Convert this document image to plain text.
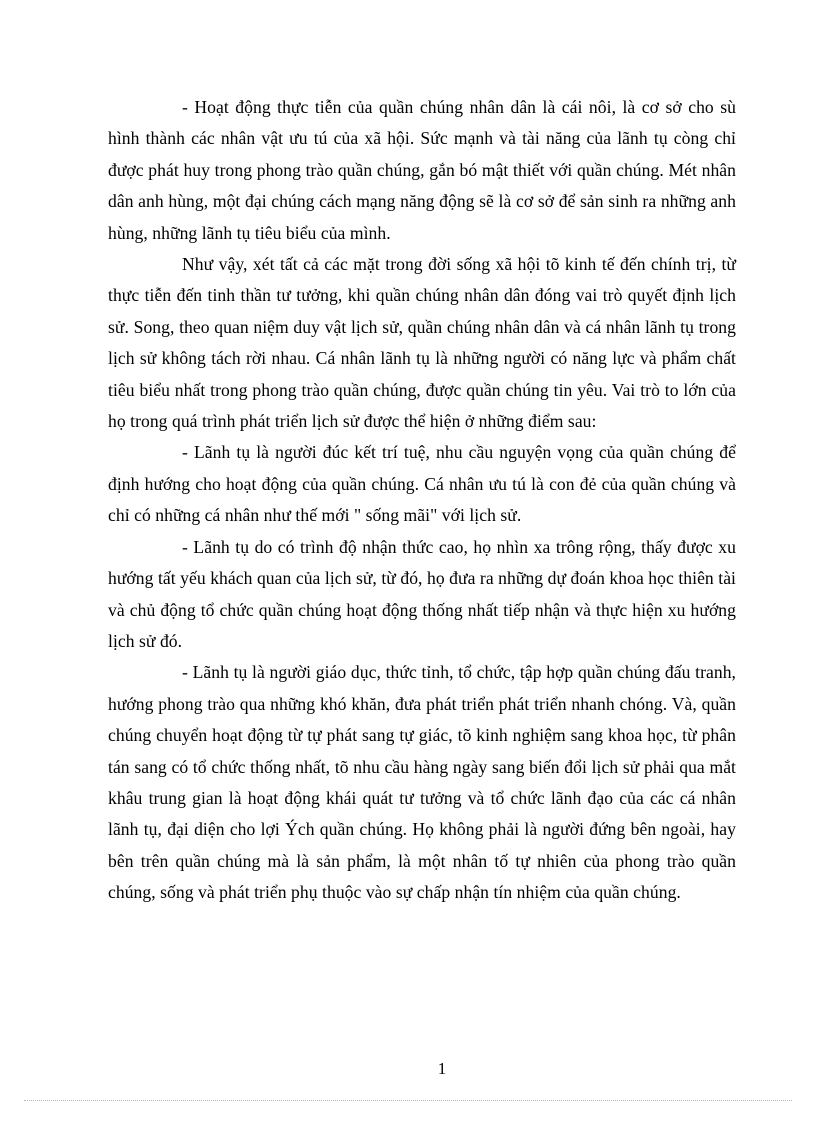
- Hoạt động thực tiễn của quần chúng nhân dân là cái nôi, là cơ sở cho sù hình thành các nhân vật ưu tú của xã hội. Sức mạnh và tài năng của lãnh tụ còng chỉ được phát huy trong phong trào quần chúng, gắn bó mật thiết với quần chúng. Mét nhân dân anh hùng, một đại chúng cách mạng năng động sẽ là cơ sở để sản sinh ra những anh hùng, những lãnh tụ tiêu biểu của mình.

Như vậy, xét tất cả các mặt trong đời sống xã hội tõ kinh tế đến chính trị, từ thực tiễn đến tinh thần tư tưởng, khi quần chúng nhân dân đóng vai trò quyết định lịch sử. Song, theo quan niệm duy vật lịch sử, quần chúng nhân dân và cá nhân lãnh tụ trong lịch sử không tách rời nhau. Cá nhân lãnh tụ là những người có năng lực và phẩm chất tiêu biểu nhất trong phong trào quần chúng, được quần chúng tin yêu. Vai trò to lớn của họ trong quá trình phát triển lịch sử được thể hiện ở những điểm sau:

- Lãnh tụ là người đúc kết trí tuệ, nhu cầu nguyện vọng của quần chúng để định hướng cho hoạt động của quần chúng. Cá nhân ưu tú là con đẻ của quần chúng và chỉ có những cá nhân như thế mới " sống mãi" với lịch sử.

- Lãnh tụ do có trình độ nhận thức cao, họ nhìn xa trông rộng, thấy được xu hướng tất yếu khách quan của lịch sử, từ đó, họ đưa ra những dự đoán khoa học thiên tài và chủ động tổ chức quần chúng hoạt động thống nhất tiếp nhận và thực hiện xu hướng lịch sử đó.

- Lãnh tụ là người giáo dục, thức tỉnh, tổ chức, tập hợp quần chúng đấu tranh, hướng phong trào qua những khó khăn, đưa phát triển phát triển nhanh chóng. Và, quần chúng chuyển hoạt động từ tự phát sang tự giác, tõ kinh nghiệm sang khoa học, từ phân tán sang có tổ chức thống nhất, tõ nhu cầu hàng ngày sang biến đổi lịch sử phải qua mắt khâu trung gian là hoạt động khái quát tư tưởng và tổ chức lãnh đạo của các cá nhân lãnh tụ, đại diện cho lợi Ých quần chúng. Họ không phải là người đứng bên ngoài, hay bên trên quần chúng mà là sản phẩm, là một nhân tố tự nhiên của phong trào quần chúng, sống và phát triển phụ thuộc vào sự chấp nhận tín nhiệm của quần chúng.

1
